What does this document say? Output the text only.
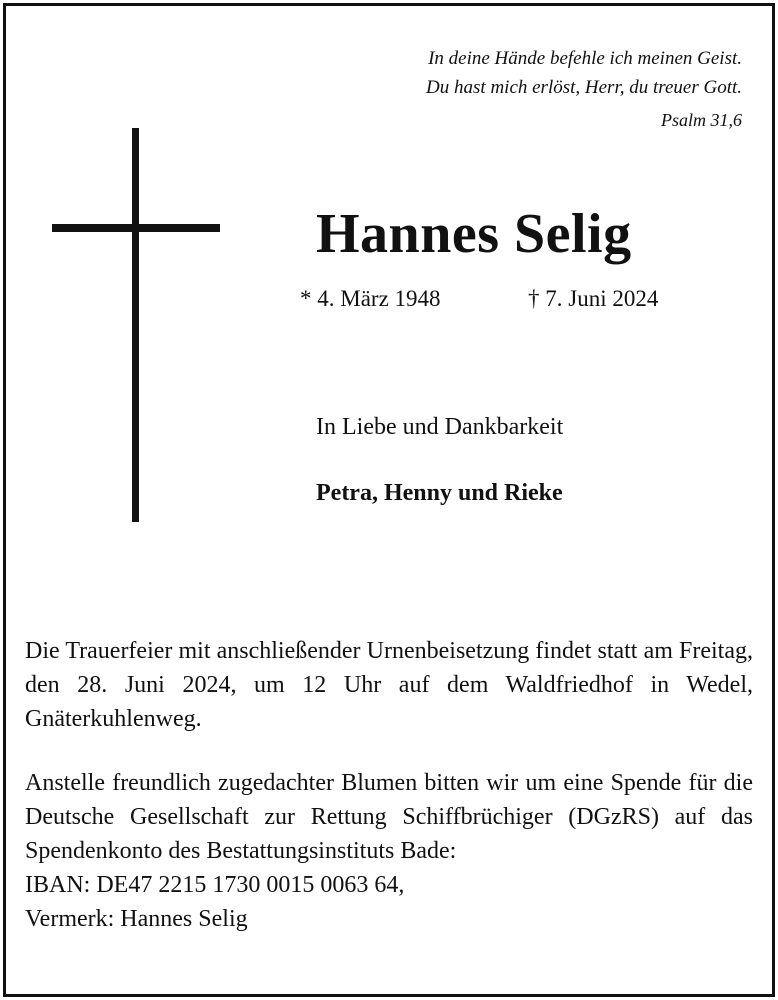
In deine Hände befehle ich meinen Geist.
Du hast mich erlöst, Herr, du treuer Gott.
Psalm 31,6
Hannes Selig
* 4. März 1948	† 7. Juni 2024
In Liebe und Dankbarkeit
Petra, Henny und Rieke
Die Trauerfeier mit anschließender Urnenbeisetzung findet statt am Freitag, den 28. Juni 2024, um 12 Uhr auf dem Waldfriedhof in Wedel, Gnäterkuhlenweg.
Anstelle freundlich zugedachter Blumen bitten wir um eine Spende für die Deutsche Gesellschaft zur Rettung Schiffbrüchiger (DGzRS) auf das Spendenkonto des Bestattungsinstituts Bade:
IBAN: DE47 2215 1730 0015 0063 64,
Vermerk: Hannes Selig
